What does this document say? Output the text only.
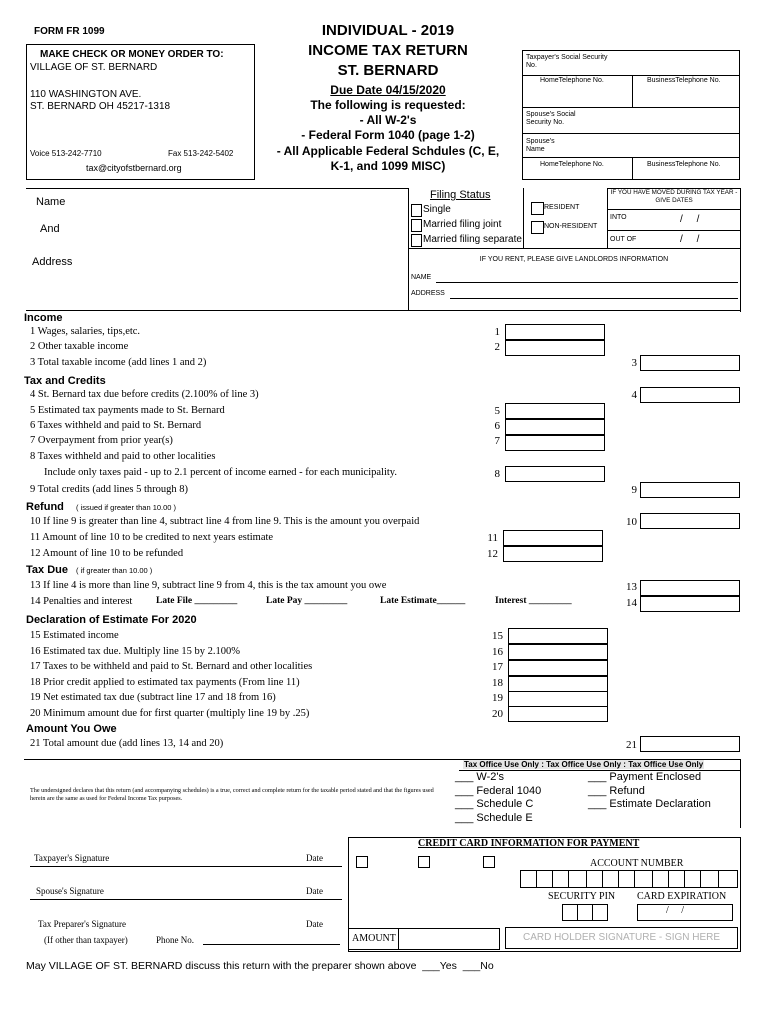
FORM FR 1099
MAKE CHECK OR MONEY ORDER TO:
VILLAGE OF ST. BERNARD
110 WASHINGTON AVE.
ST. BERNARD OH 45217-1318
Voice 513-242-7710	Fax 513-242-5402
tax@cityofstbernard.org
INDIVIDUAL - 2019
INCOME TAX RETURN
ST. BERNARD
Due Date 04/15/2020
The following is requested:
- All W-2's
- Federal Form 1040 (page 1-2)
- All Applicable Federal Schdules (C, E,
K-1, and 1099 MISC)
Taxpayer's Social Security No.
HomeTelephone No.	BusinessTelephone No.
Spouse's Social Security No.
Spouse's Name
HomeTelephone No.	BusinessTelephone No.
Name
And
Address
Filing Status
Single
Married filing joint
Married filing separate
RESIDENT
NON-RESIDENT
IF YOU HAVE MOVED DURING TAX YEAR - GIVE DATES
INTO	/     /
OUT OF	/     /
IF YOU RENT, PLEASE GIVE LANDLORDS INFORMATION
NAME
ADDRESS
Income
1 Wages, salaries, tips,etc.	1
2 Other taxable income	2
3 Total taxable income (add lines 1 and 2)	3
Tax and Credits
4 St. Bernard tax due before credits (2.100% of line 3)	4
5 Estimated tax payments made to St. Bernard	5
6 Taxes withheld and paid to St. Bernard	6
7 Overpayment from prior year(s)	7
8 Taxes withheld and paid to other localities
Include only taxes paid - up to 2.1 percent of income earned - for each municipality.	8
9 Total credits (add lines 5 through 8)	9
Refund ( issued if greater than 10.00 )
10 If line 9 is greater than line 4, subtract line 4 from line 9. This is the amount you overpaid	10
11 Amount of line 10 to be credited to next years estimate	11
12 Amount of line 10 to be refunded	12
Tax Due ( if greater than 10.00 )
13 If line 4 is more than line 9, subtract line 9 from 4, this is the tax amount you owe	13
14 Penalties and interest Late File _________	Late Pay _________	Late Estimate______	Interest _________	14
Declaration of Estimate For 2020
15 Estimated income	15
16 Estimated tax due. Multiply line 15 by 2.100%	16
17 Taxes to be withheld and paid to St. Bernard and other localities	17
18 Prior credit applied to estimated tax payments (From line 11)	18
19 Net estimated tax due (subtract line 17 and 18 from 16)	19
20 Minimum amount due for first quarter (multiply line 19 by .25)	20
Amount You Owe
21 Total amount due (add lines 13, 14 and 20)	21
The undersigned declares that this return (and accompanying schedules) is a true, correct and complete return for the taxable period stated and that the figures used herein are the same as used for Federal Income Tax purposes.
Tax Office Use Only : Tax Office Use Only : Tax Office Use Only
___ W-2's
___ Federal 1040
___ Schedule C
___ Schedule E
___ Payment Enclosed
___ Refund
___ Estimate Declaration
Taxpayer's Signature	Date
Spouse's Signature	Date
Tax Preparer's Signature	Date
(If other than taxpayer)	Phone No.
CREDIT CARD INFORMATION FOR PAYMENT
ACCOUNT NUMBER
SECURITY PIN CARD EXPIRATION
/     /
AMOUNT	CARD HOLDER SIGNATURE - SIGN HERE
May VILLAGE OF ST. BERNARD discuss this return with the preparer shown above  ___Yes  ___No
